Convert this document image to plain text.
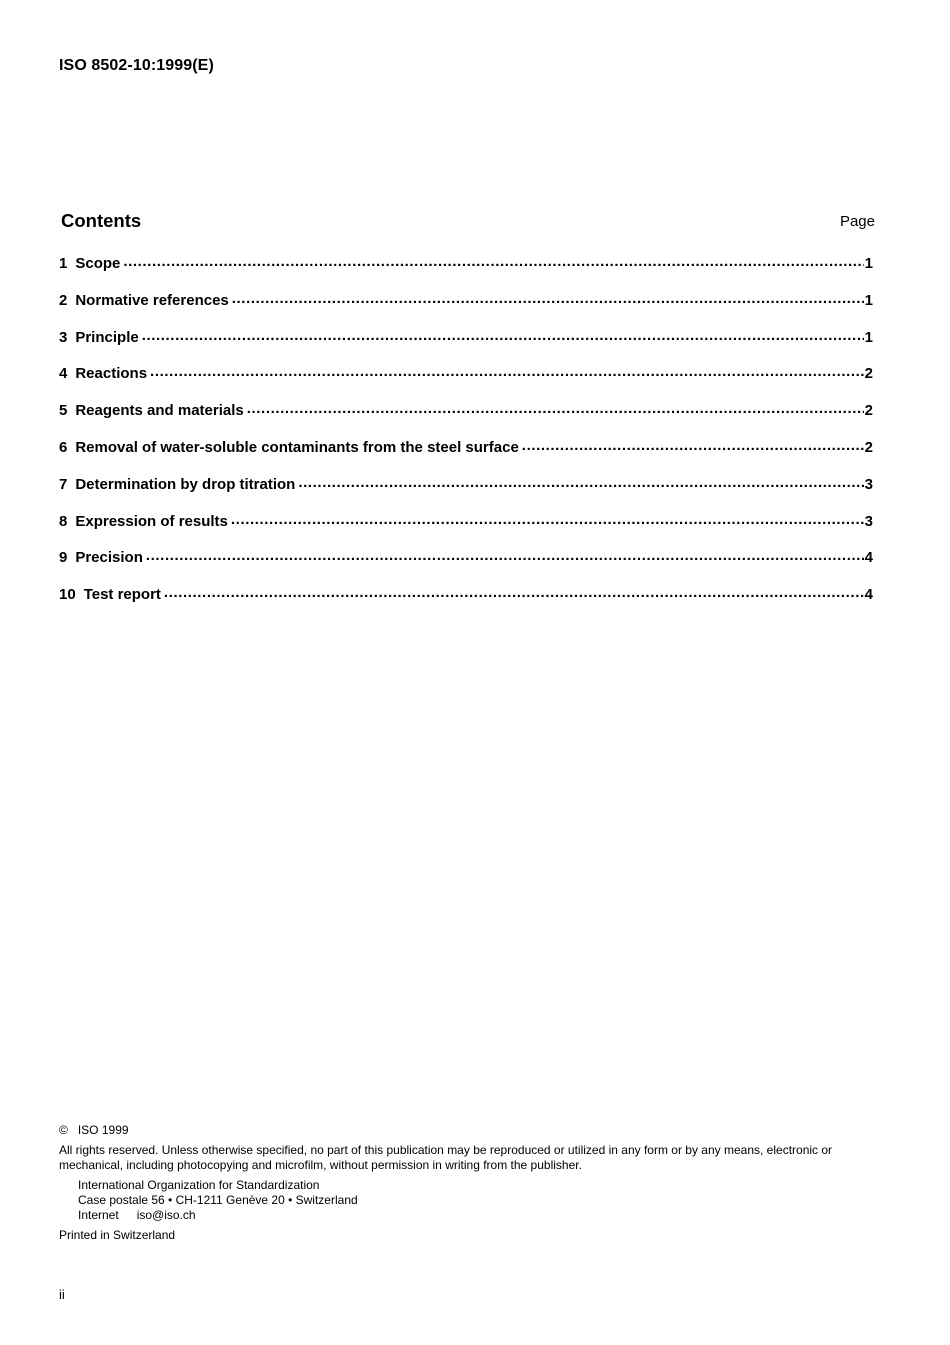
ISO 8502-10:1999(E)
Contents	Page
1 Scope .....	1
2 Normative references .....	1
3 Principle .....	1
4 Reactions .....	2
5 Reagents and materials .....	2
6 Removal of water-soluble contaminants from the steel surface .....	2
7 Determination by drop titration .....	3
8 Expression of results .....	3
9 Precision .....	4
10 Test report .....	4
© ISO 1999
All rights reserved. Unless otherwise specified, no part of this publication may be reproduced or utilized in any form or by any means, electronic or mechanical, including photocopying and microfilm, without permission in writing from the publisher.
International Organization for Standardization
Case postale 56 • CH-1211 Genève 20 • Switzerland
Internet iso@iso.ch
Printed in Switzerland
ii
